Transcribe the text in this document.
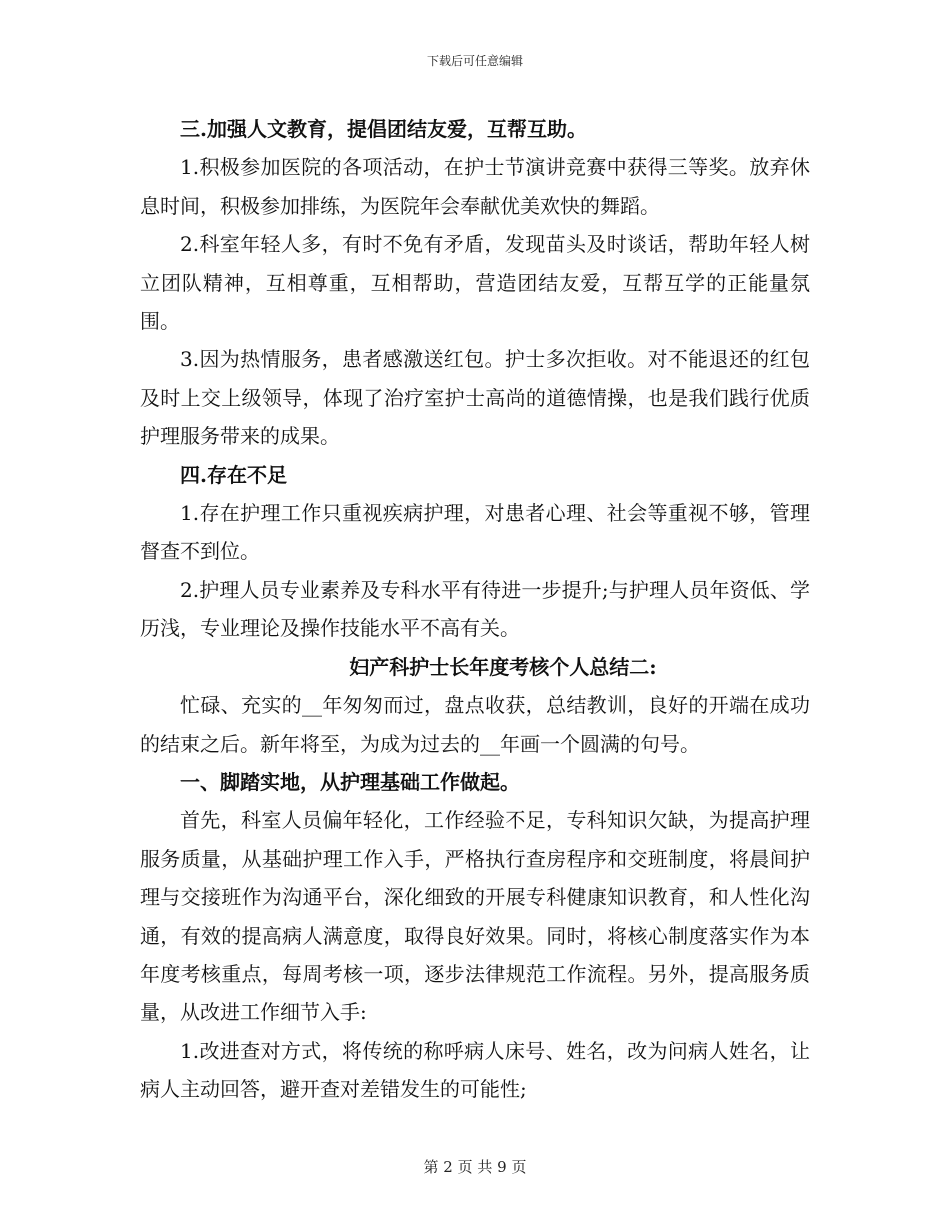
下载后可任意编辑

三.加强人文教育，提倡团结友爱，互帮互助。

1.积极参加医院的各项活动，在护士节演讲竞赛中获得三等奖。放弃休息时间，积极参加排练，为医院年会奉献优美欢快的舞蹈。

2.科室年轻人多，有时不免有矛盾，发现苗头及时谈话，帮助年轻人树立团队精神，互相尊重，互相帮助，营造团结友爱，互帮互学的正能量氛围。

3.因为热情服务，患者感激送红包。护士多次拒收。对不能退还的红包及时上交上级领导，体现了治疗室护士高尚的道德情操，也是我们践行优质护理服务带来的成果。

四.存在不足

1.存在护理工作只重视疾病护理，对患者心理、社会等重视不够，管理督查不到位。

2.护理人员专业素养及专科水平有待进一步提升;与护理人员年资低、学历浅，专业理论及操作技能水平不高有关。

妇产科护士长年度考核个人总结二:

忙碌、充实的__年匆匆而过，盘点收获，总结教训，良好的开端在成功的结束之后。新年将至，为成为过去的__年画一个圆满的句号。

一、脚踏实地，从护理基础工作做起。

首先，科室人员偏年轻化，工作经验不足，专科知识欠缺，为提高护理服务质量，从基础护理工作入手，严格执行查房程序和交班制度，将晨间护理与交接班作为沟通平台，深化细致的开展专科健康知识教育，和人性化沟通，有效的提高病人满意度，取得良好效果。同时，将核心制度落实作为本年度考核重点，每周考核一项，逐步法律规范工作流程。另外，提高服务质量，从改进工作细节入手:

1.改进查对方式，将传统的称呼病人床号、姓名，改为问病人姓名，让病人主动回答，避开查对差错发生的可能性;

第 2 页 共 9 页
